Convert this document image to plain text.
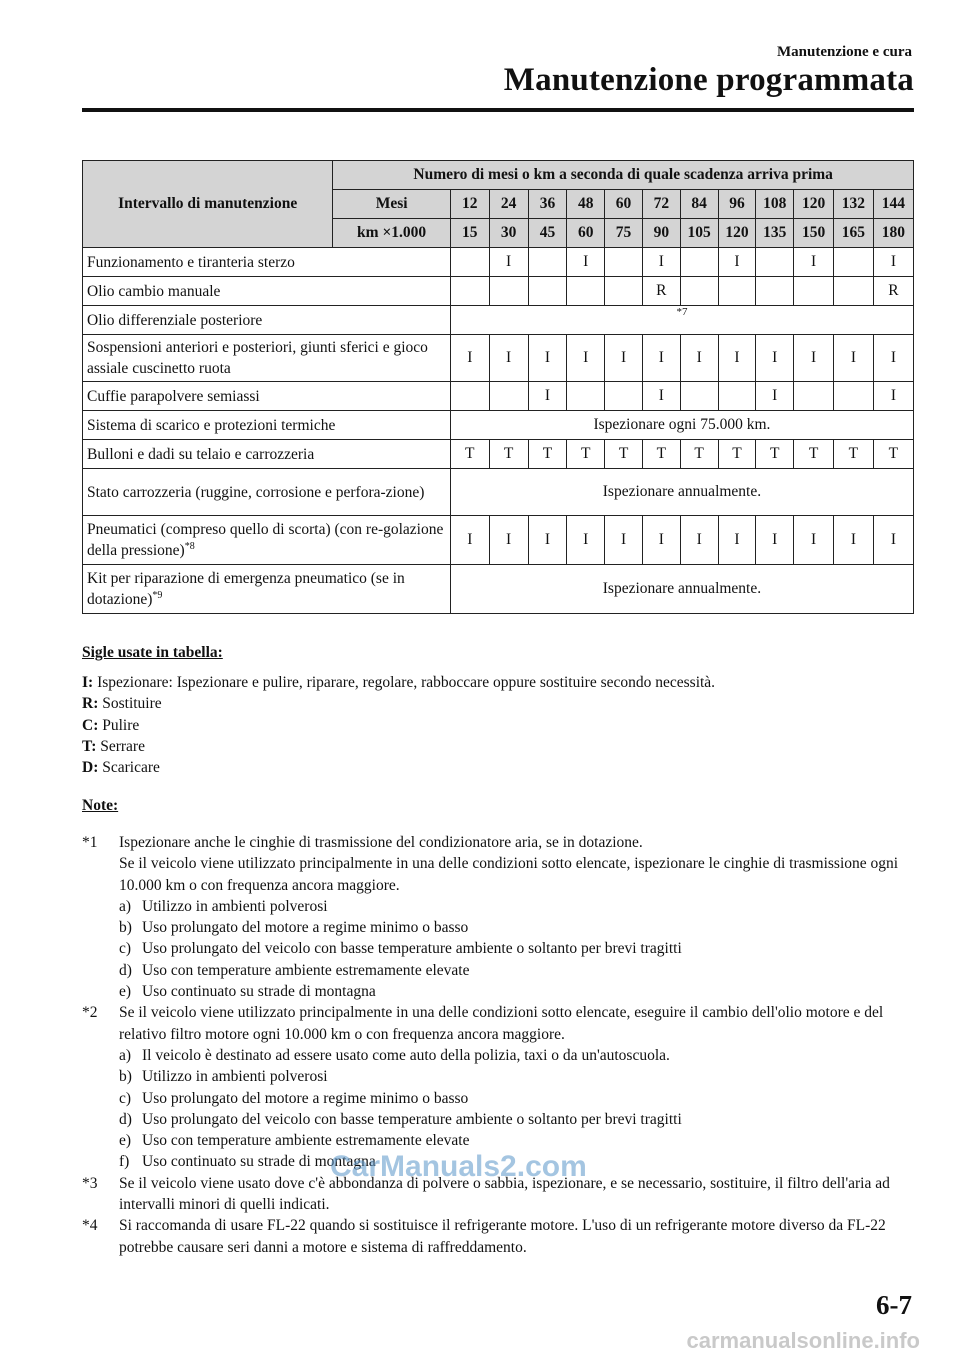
Manutenzione e cura
Manutenzione programmata
Intervallo di manutenzione	Numero di mesi o km a seconda di quale scadenza arriva prima												
	Mesi	12	24	36	48	60	72	84	96	108	120	132	144
	km ×1.000	15	30	45	60	75	90	105	120	135	150	165	180
Funzionamento e tiranteria sterzo			I		I		I		I		I		I
Olio cambio manuale							R						R
Olio differenziale posteriore		*7											
Sospensioni anteriori e posteriori, giunti sferici e gioco assiale cuscinetto ruota		I	I	I	I	I	I	I	I	I	I	I	I
Cuffie parapolvere semiassi				I			I			I			I
Sistema di scarico e protezioni termiche		Ispezionare ogni 75.000 km.											
Bulloni e dadi su telaio e carrozzeria		T	T	T	T	T	T	T	T	T	T	T	T
Stato carrozzeria (ruggine, corrosione e perfora-zione)		Ispezionare annualmente.											
Pneumatici (compreso quello di scorta) (con re-golazione della pressione)$^{*8}$		I	I	I	I	I	I	I	I	I	I	I	I
Kit per riparazione di emergenza pneumatico (se in dotazione)$^{*9}$		Ispezionare annualmente.											
Sigle usate in tabella:
I: Ispezionare: Ispezionare e pulire, riparare, regolare, rabboccare oppure sostituire secondo necessità.
R: Sostituire
C: Pulire
T: Serrare
D: Scaricare
Note:
*1	Ispezionare anche le cinghie di trasmissione del condizionatore aria, se in dotazione.
Se il veicolo viene utilizzato principalmente in una delle condizioni sotto elencate, ispezionare le cinghie di trasmissione ogni 10.000 km o con frequenza ancora maggiore.
a) Utilizzo in ambienti polverosi
b) Uso prolungato del motore a regime minimo o basso
c) Uso prolungato del veicolo con basse temperature ambiente o soltanto per brevi tragitti
d) Uso con temperature ambiente estremamente elevate
e) Uso continuato su strade di montagna
*2	Se il veicolo viene utilizzato principalmente in una delle condizioni sotto elencate, eseguire il cambio dell'olio motore e del relativo filtro motore ogni 10.000 km o con frequenza ancora maggiore.
a) Il veicolo è destinato ad essere usato come auto della polizia, taxi o da un'autoscuola.
b) Utilizzo in ambienti polverosi
c) Uso prolungato del motore a regime minimo o basso
d) Uso prolungato del veicolo con basse temperature ambiente o soltanto per brevi tragitti
e) Uso con temperature ambiente estremamente elevate
f) Uso continuato su strade di montagna
*3	Se il veicolo viene usato dove c'è abbondanza di polvere o sabbia, ispezionare, e se necessario, sostituire, il filtro dell'aria ad intervalli minori di quelli indicati.
*4	Si raccomanda di usare FL-22 quando si sostituisce il refrigerante motore. L'uso di un refrigerante motore diverso da FL-22 potrebbe causare seri danni a motore e sistema di raffreddamento.
CarManuals2.com
6-7
carmanualsonline.info
